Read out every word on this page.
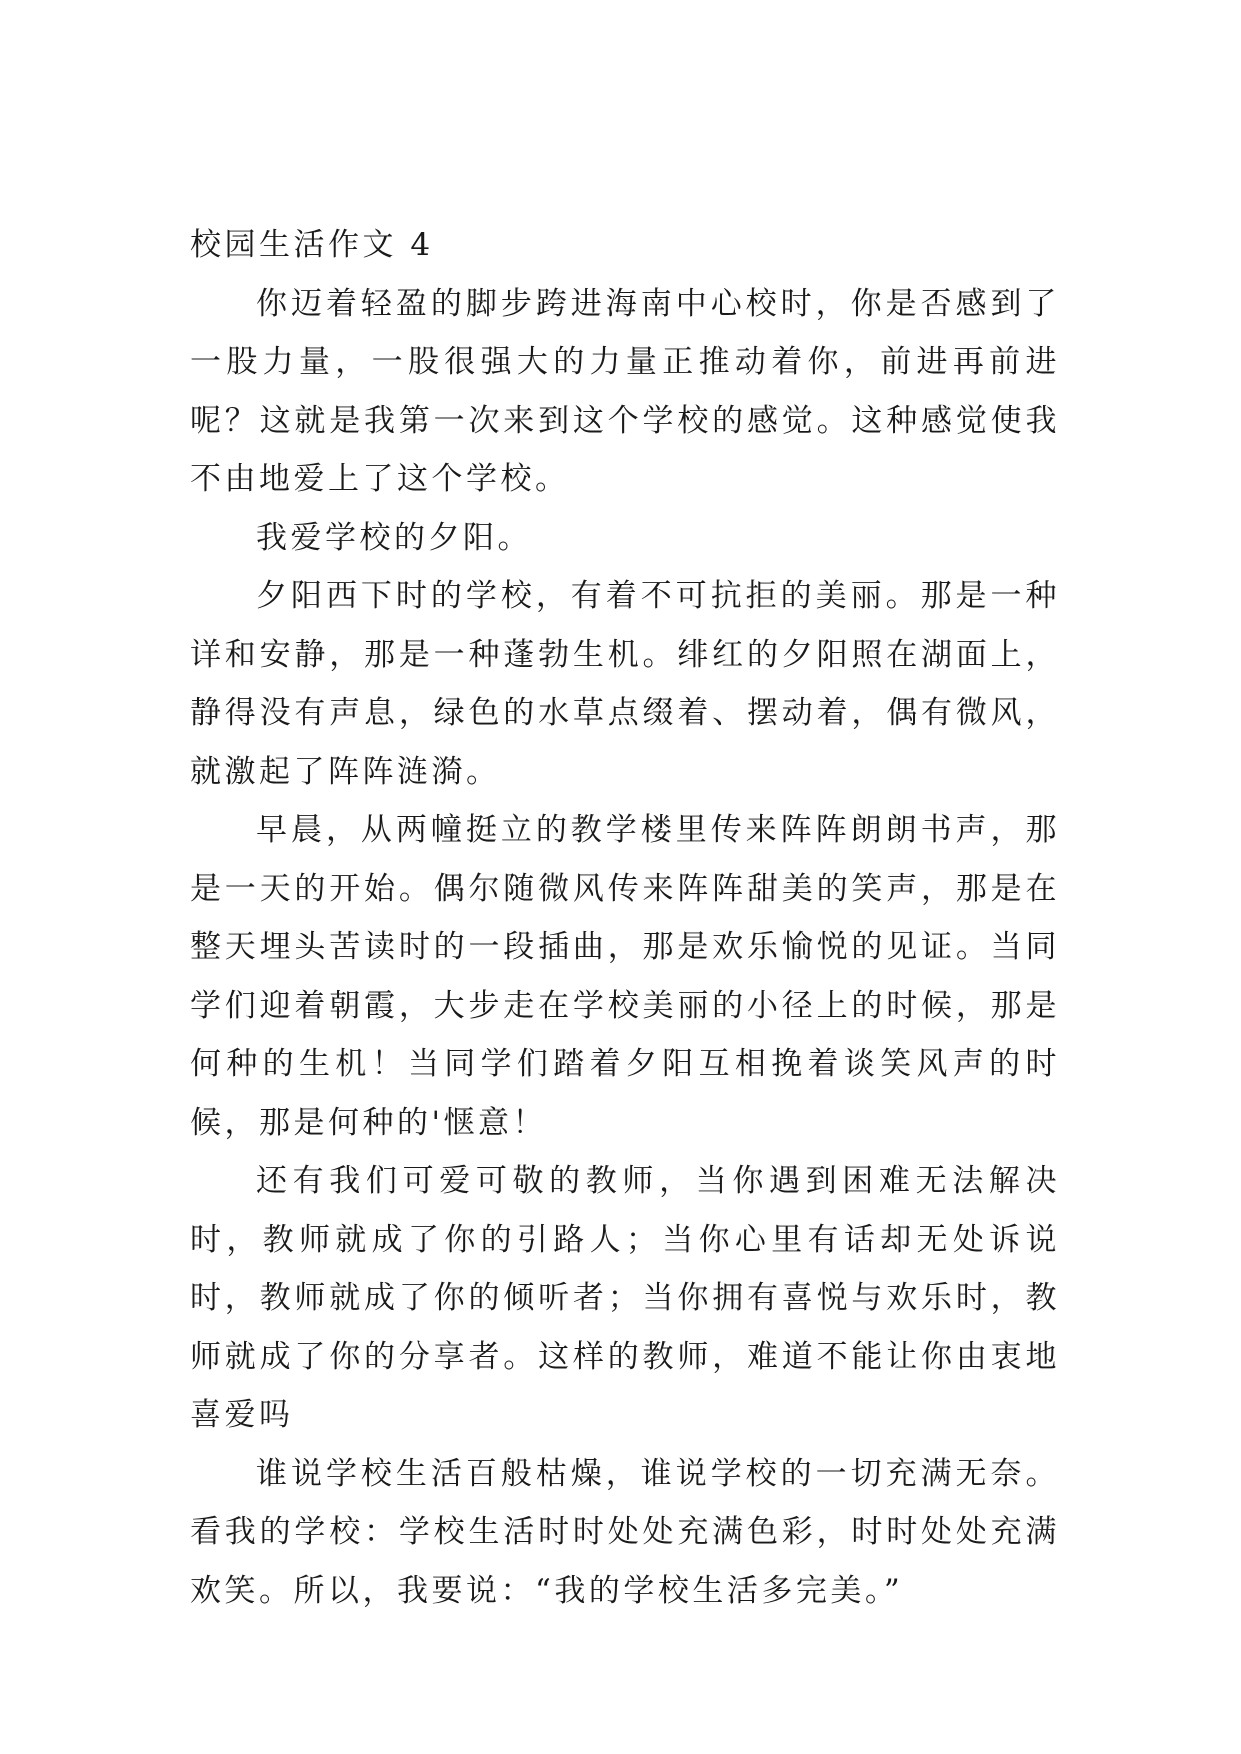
校园生活作文 4

你迈着轻盈的脚步跨进海南中心校时，你是否感到了一股力量，一股很强大的力量正推动着你，前进再前进呢？这就是我第一次来到这个学校的感觉。这种感觉使我不由地爱上了这个学校。

我爱学校的夕阳。

夕阳西下时的学校，有着不可抗拒的美丽。那是一种详和安静，那是一种蓬勃生机。绯红的夕阳照在湖面上，静得没有声息，绿色的水草点缀着、摆动着，偶有微风，就激起了阵阵涟漪。

早晨，从两幢挺立的教学楼里传来阵阵朗朗书声，那是一天的开始。偶尔随微风传来阵阵甜美的笑声，那是在整天埋头苦读时的一段插曲，那是欢乐愉悦的见证。当同学们迎着朝霞，大步走在学校美丽的小径上的时候，那是何种的生机！当同学们踏着夕阳互相挽着谈笑风声的时候，那是何种的'惬意！

还有我们可爱可敬的教师，当你遇到困难无法解决时，教师就成了你的引路人；当你心里有话却无处诉说时，教师就成了你的倾听者；当你拥有喜悦与欢乐时，教师就成了你的分享者。这样的教师，难道不能让你由衷地喜爱吗

谁说学校生活百般枯燥，谁说学校的一切充满无奈。看我的学校：学校生活时时处处充满色彩，时时处处充满欢笑。所以，我要说：“我的学校生活多完美。”
